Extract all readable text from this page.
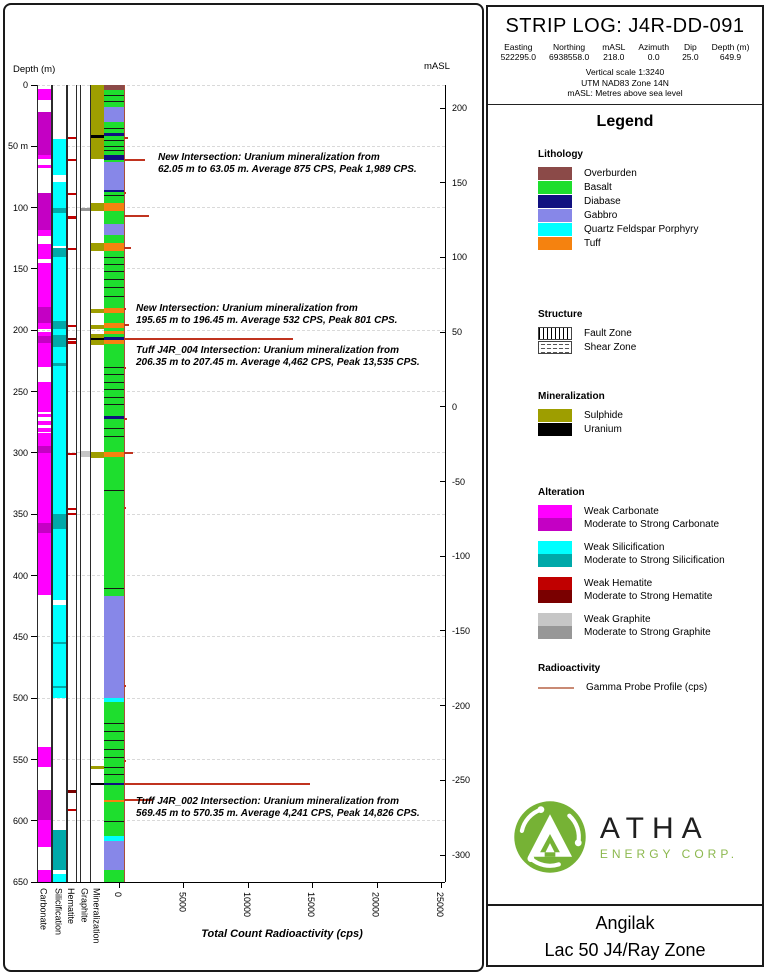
Depth (m)	mASL
Total Count Radioactivity (cps)
0
50 m
100
150
200
250
300
350
400
450
500
550
600
650
200
150
100
50
0
-50
-100
-150
-200
-250
-300
0	5000	10000	15000	20000	25000
Carbonate Silicification Hematite Graphite Mineralization
New Intersection: Uranium mineralization from
62.05 m to 63.05 m. Average 875 CPS, Peak 1,989 CPS.
New Intersection: Uranium mineralization from
195.65 m to 196.45 m. Average 532 CPS, Peak 801 CPS.
Tuff J4R_004 Intersection: Uranium mineralization from
206.35 m to 207.45 m. Average 4,462 CPS, Peak 13,535 CPS.
Tuff J4R_002 Intersection: Uranium mineralization from
569.45 m to 570.35 m. Average 4,241 CPS, Peak 14,826 CPS.
STRIP LOG: J4R-DD-091
Easting
522295.0
Northing
6938558.0
mASL
218.0
Azimuth
0.0
Dip
25.0
Depth (m)
649.9
Vertical scale 1:3240
UTM NAD83 Zone 14N
mASL: Metres above sea level
Legend
Lithology
Overburden
Basalt
Diabase
Gabbro
Quartz Feldspar Porphyry
Tuff
Structure
Fault Zone
Shear Zone
Mineralization
Sulphide
Uranium
Alteration
Weak Carbonate
Moderate to Strong Carbonate
Weak Silicification
Moderate to Strong Silicification
Weak Hematite
Moderate to Strong Hematite
Weak Graphite
Moderate to Strong Graphite
Radioactivity
Gamma Probe Profile (cps)
ATHA
ENERGY CORP.
Angilak
Lac 50 J4/Ray Zone
